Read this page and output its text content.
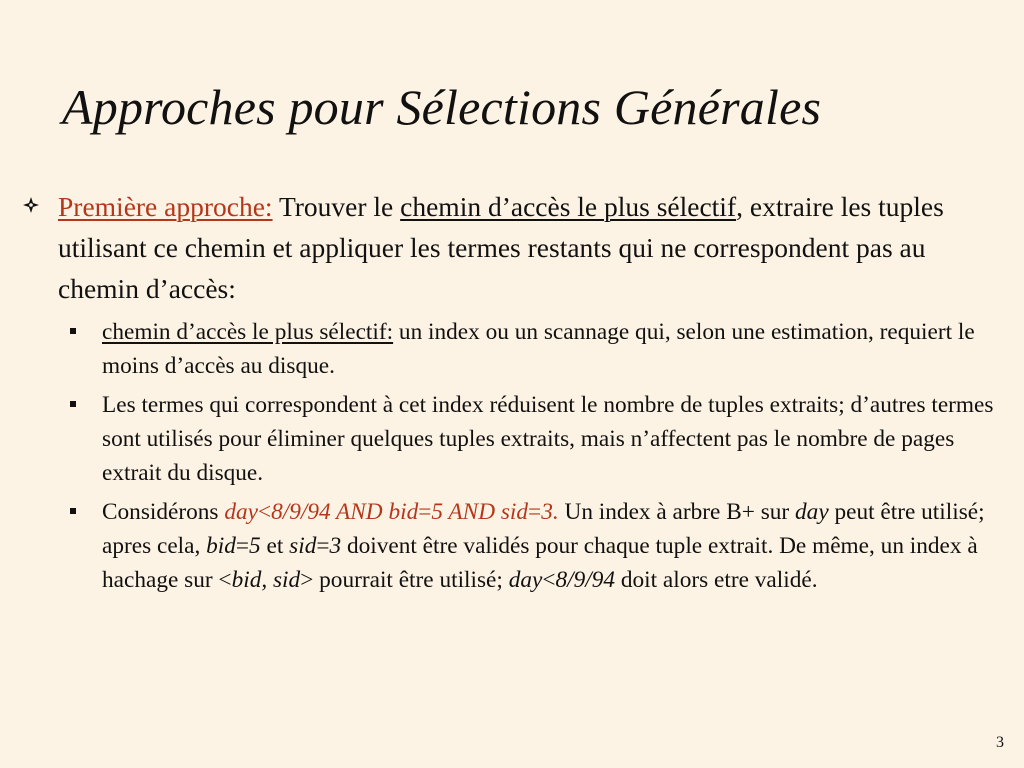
Approches pour Sélections Générales
Première approche: Trouver le chemin d’accès le plus sélectif, extraire les tuples utilisant ce chemin et appliquer les termes restants qui ne correspondent pas au chemin d’accès:
chemin d’accès le plus sélectif: un index ou un scannage qui, selon une estimation, requiert le moins d’accès au disque.
Les termes qui correspondent à cet index réduisent le nombre de tuples extraits; d’autres termes sont utilisés pour éliminer quelques tuples extraits, mais n’affectent pas le nombre de pages extrait du disque.
Considérons day<8/9/94 AND bid=5 AND sid=3. Un index à arbre B+ sur day peut être utilisé; apres cela, bid=5 et sid=3 doivent être validés pour chaque tuple extrait. De même, un index à hachage sur <bid, sid> pourrait être utilisé; day<8/9/94 doit alors etre validé.
3
